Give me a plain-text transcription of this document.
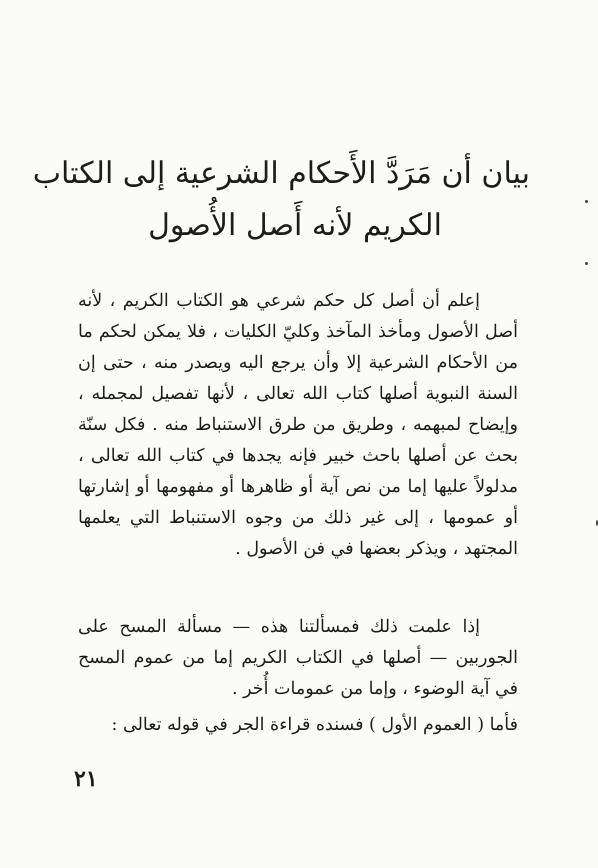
بيان أن مَرَدَّ الأَحكام الشرعية إلى الكتاب
الكريم لأنه أَصل الأُصول
إعلم أن أصل كل حكم شرعي هو الكتاب الكريم ، لأنه أصل الأصول ومأخذ المآخذ وكليّ الكليات ، فلا يمكن لحكم ما من الأحكام الشرعية إلا وأن يرجع اليه ويصدر منه ، حتى إن السنة النبوية أصلها كتاب الله تعالى ، لأنها تفصيل لمجمله ، وإيضاح لمبهمه ، وطريق من طرق الاستنباط منه . فكل سنّة بحث عن أصلها باحث خبير فإنه يجدها في كتاب الله تعالى ، مدلولاً عليها إما من نص آية أو ظاهرها أو مفهومها أو إشارتها أو عمومها ، إلى غير ذلك من وجوه الاستنباط التي يعلمها المجتهد ، ويذكر بعضها في فن الأصول .
إذا علمت ذلك فمسألتنا هذه — مسألة المسح على الجوربين — أصلها في الكتاب الكريم إما من عموم المسح في آية الوضوء ، وإما من عمومات أُخر .
فأما ( العموم الأول ) فسنده قراءة الجر في قوله تعالى :
٢١
